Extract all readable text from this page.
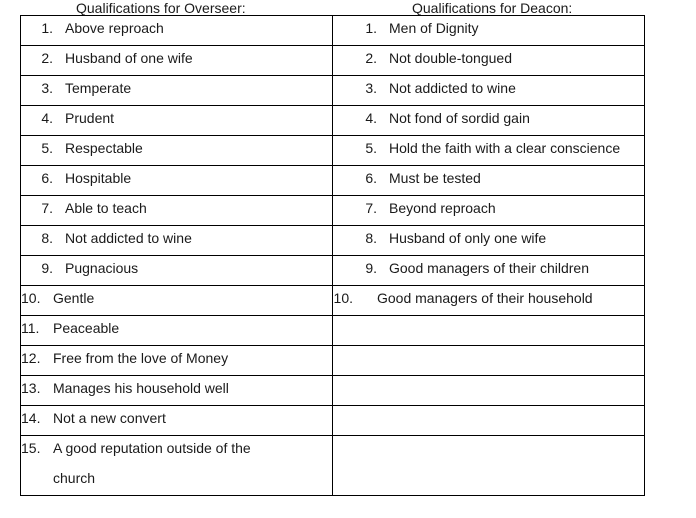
Qualifications for Overseer:	Qualifications for Deacon:
1. Above reproach	1. Men of Dignity

2. Husband of one wife	2. Not double-tongued

3. Temperate	3. Not addicted to wine

4. Prudent	4. Not fond of sordid gain

5. Respectable	5. Hold the faith with a clear conscience

6. Hospitable	6. Must be tested

7. Able to teach	7. Beyond reproach

8. Not addicted to wine	8. Husband of only one wife

9. Pugnacious	9. Good managers of their children

10. Gentle	10. Good managers of their household

11. Peaceable	

12. Free from the love of Money	

13. Manages his household well	

14. Not a new convert	

15. A good reputation outside of the church	
